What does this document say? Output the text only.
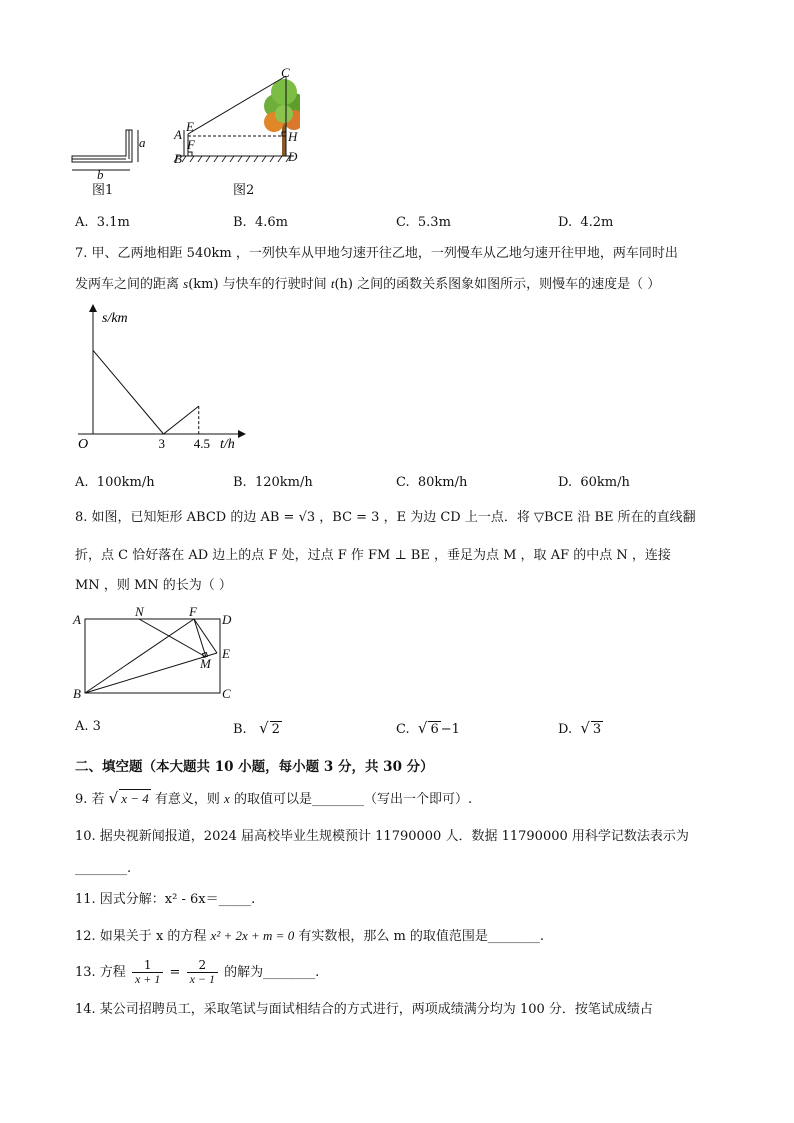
a
b
图1
C
E
A
F
H
B	D
图2
A. 3.1m	B. 4.6m	C. 5.3m	D. 4.2m
7. 甲、乙两地相距 540km ，一列快车从甲地匀速开往乙地，一列慢车从乙地匀速开往甲地，两车同时出
发两车之间的距离 s(km) 与快车的行驶时间 t(h) 之间的函数关系图象如图所示，则慢车的速度是（ ）
s/km
t/h
O	3 4.5
A. 100km/h	B. 120km/h	C. 80km/h	D. 60km/h
8. 如图，已知矩形 ABCD 的边 AB = √3 ，BC = 3 ，E 为边 CD 上一点．将 ▽BCE 沿 BE 所在的直线翻
折，点 C 恰好落在 AD 边上的点 F 处，过点 F 作 FM ⊥ BE ，垂足为点 M ，取 AF 的中点 N ，连接
MN ，则 MN 的长为（ ）
A
N	F
D
E
M
B	C
A. 3	B. √ 2	C. √ 6 −1	D. √ 3
二、填空题（本大题共 10 小题，每小题 3 分，共 30 分）
9. 若 √ x − 4 有意义，则 x 的取值可以是________（写出一个即可）.
10. 据央视新闻报道，2024 届高校毕业生规模预计 11790000 人．数据 11790000 用科学记数法表示为
________.
11. 因式分解：x² - 6x＝_____.
12. 如果关于 x 的方程 x² + 2x + m = 0 有实数根，那么 m 的取值范围是________.
13. 方程 $\frac{1}{x + 1} = \frac{2}{x - 1}$ 的解为________.
14. 某公司招聘员工，采取笔试与面试相结合的方式进行，两项成绩满分均为 100 分．按笔试成绩占
